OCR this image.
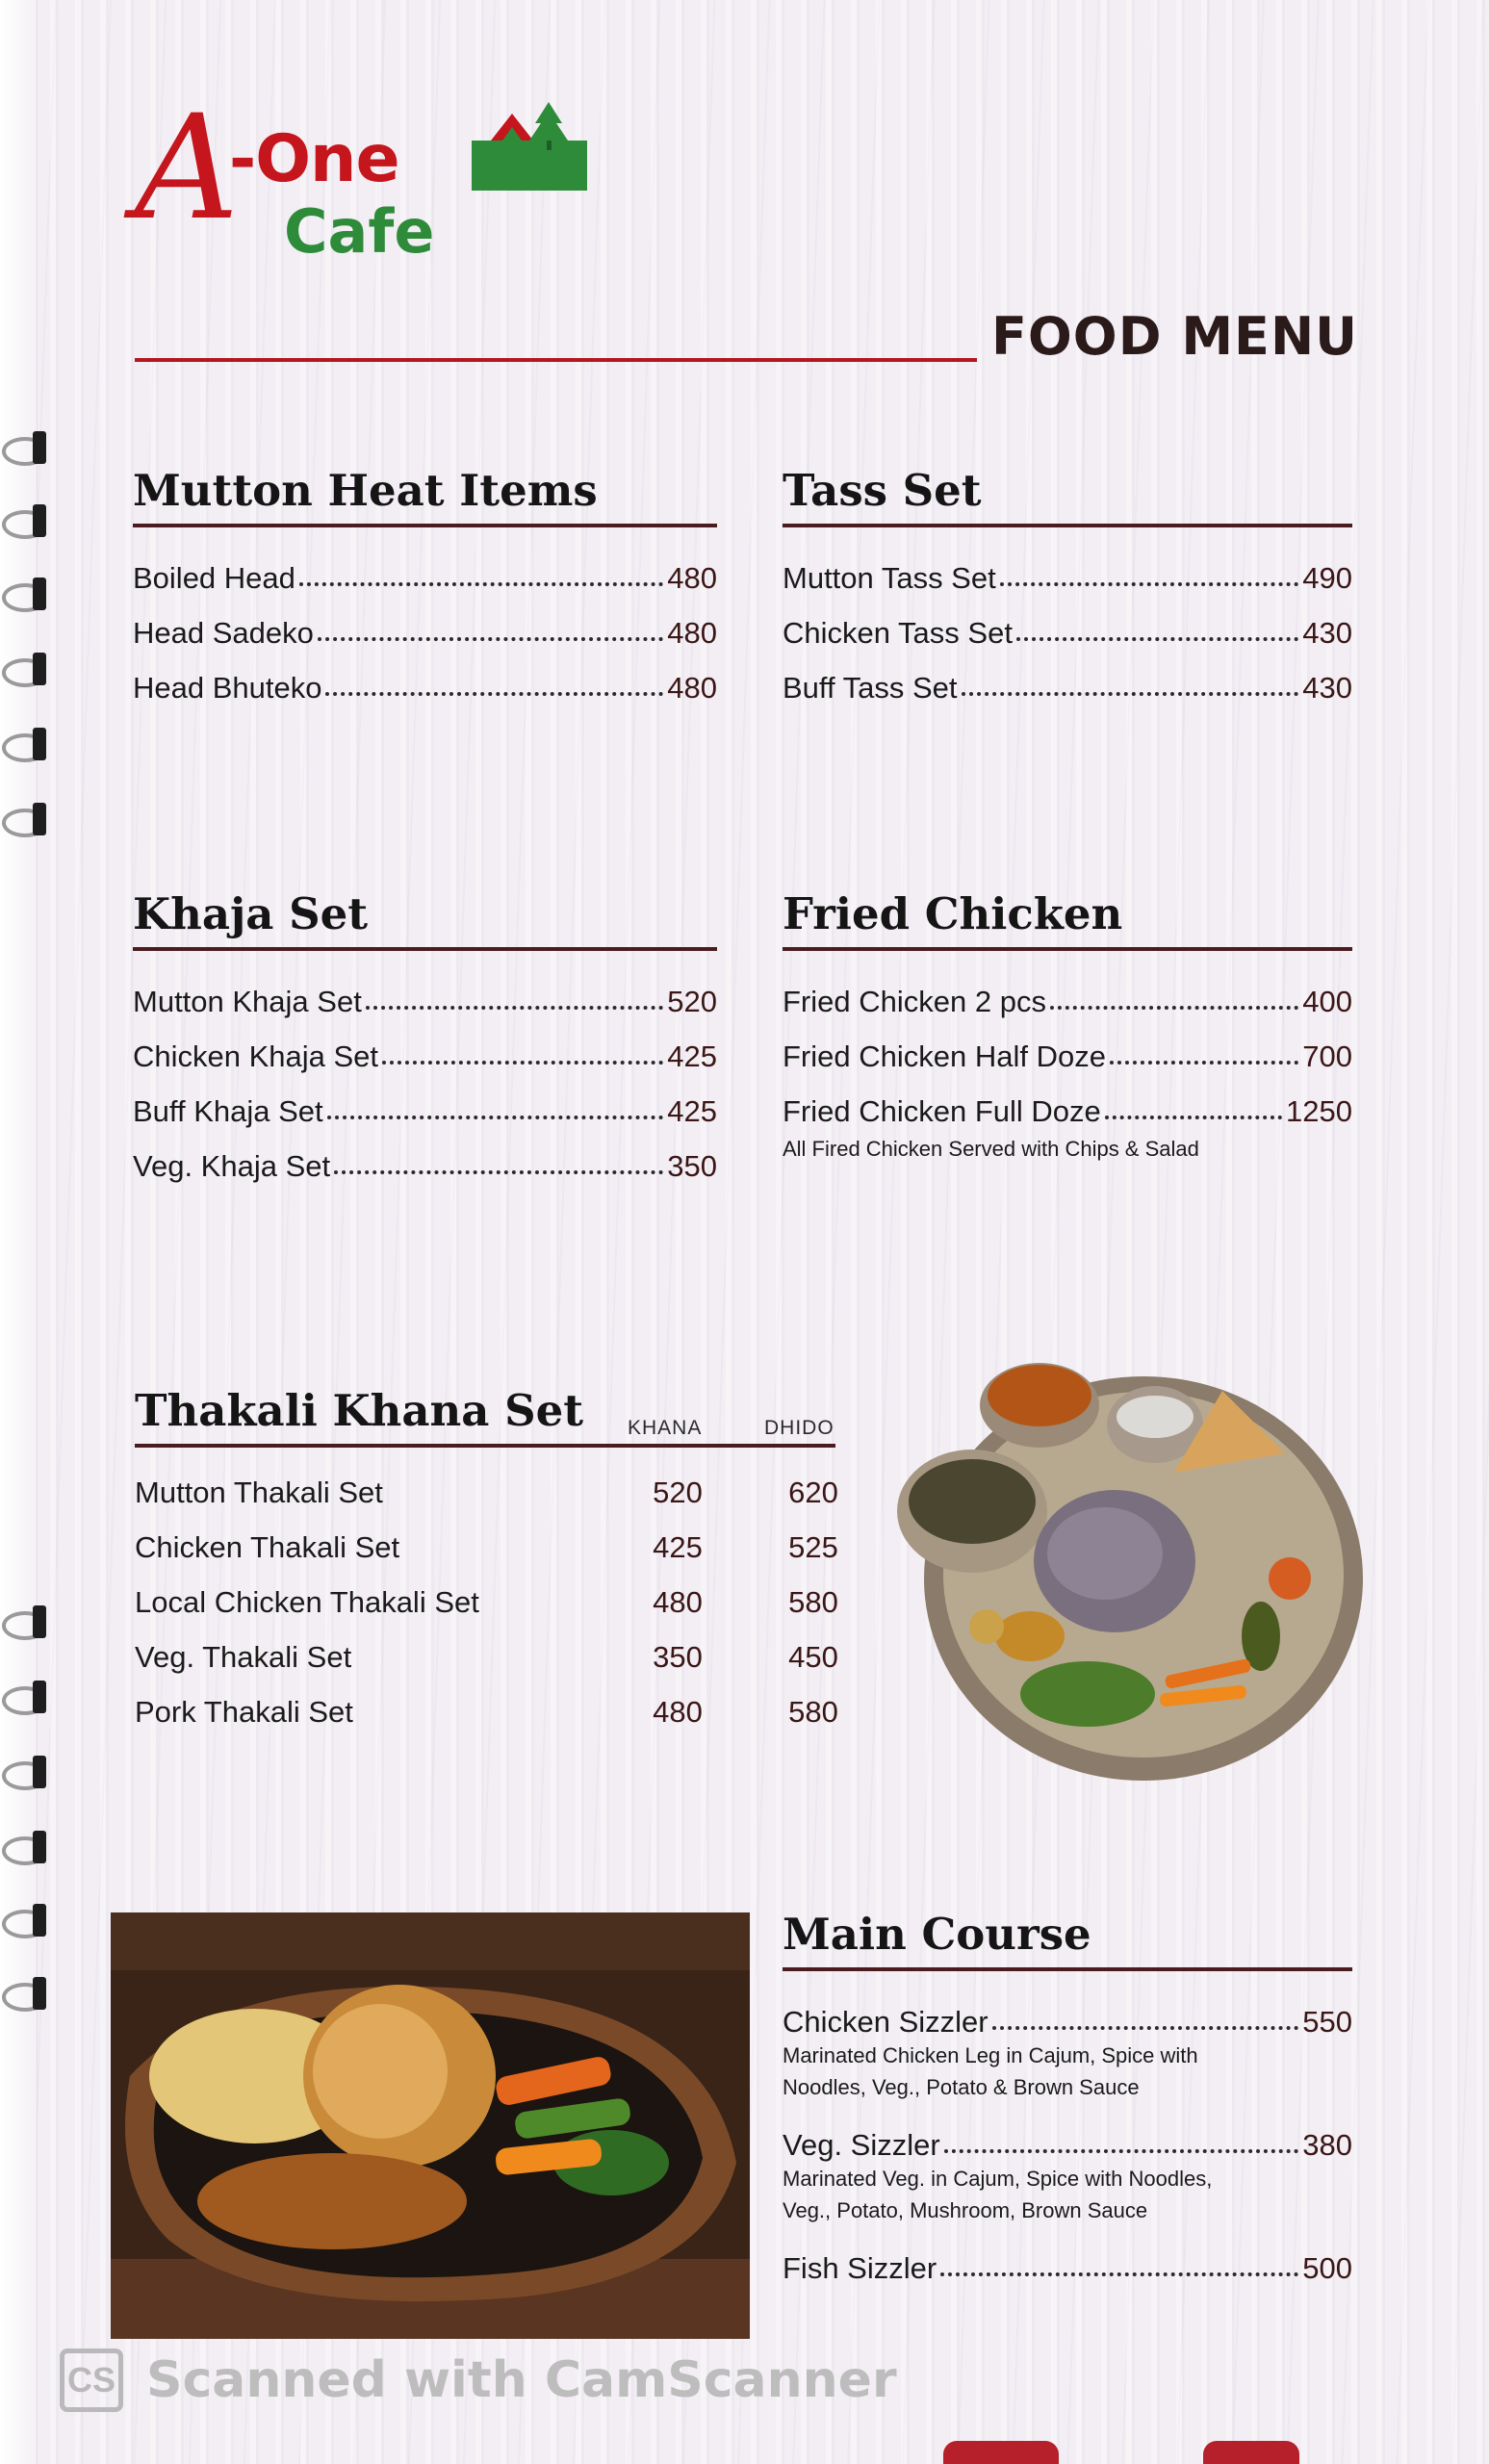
A
-One
Cafe
FOOD MENU
Mutton Heat Items
Boiled Head	480
Head Sadeko	480
Head Bhuteko	480
Tass Set
Mutton Tass Set	490
Chicken Tass Set	430
Buff Tass Set	430
Khaja Set
Mutton Khaja Set	520
Chicken Khaja Set	425
Buff Khaja Set	425
Veg. Khaja Set	350
Fried Chicken
Fried Chicken 2 pcs	400
Fried Chicken Half Doze	700
Fried Chicken Full Doze	1250
All Fired Chicken Served with Chips & Salad
Thakali Khana Set	KHANA	DHIDO
Mutton Thakali Set	520	620
Chicken Thakali Set	425	525
Local Chicken Thakali Set	480	580
Veg. Thakali Set	350	450
Pork Thakali Set	480	580
Main Course
Chicken Sizzler	550
Marinated Chicken Leg in Cajum, Spice with
Noodles, Veg., Potato & Brown Sauce
Veg. Sizzler	380
Marinated Veg. in Cajum, Spice with Noodles,
Veg., Potato, Mushroom, Brown Sauce
Fish Sizzler	500
CS Scanned with CamScanner
